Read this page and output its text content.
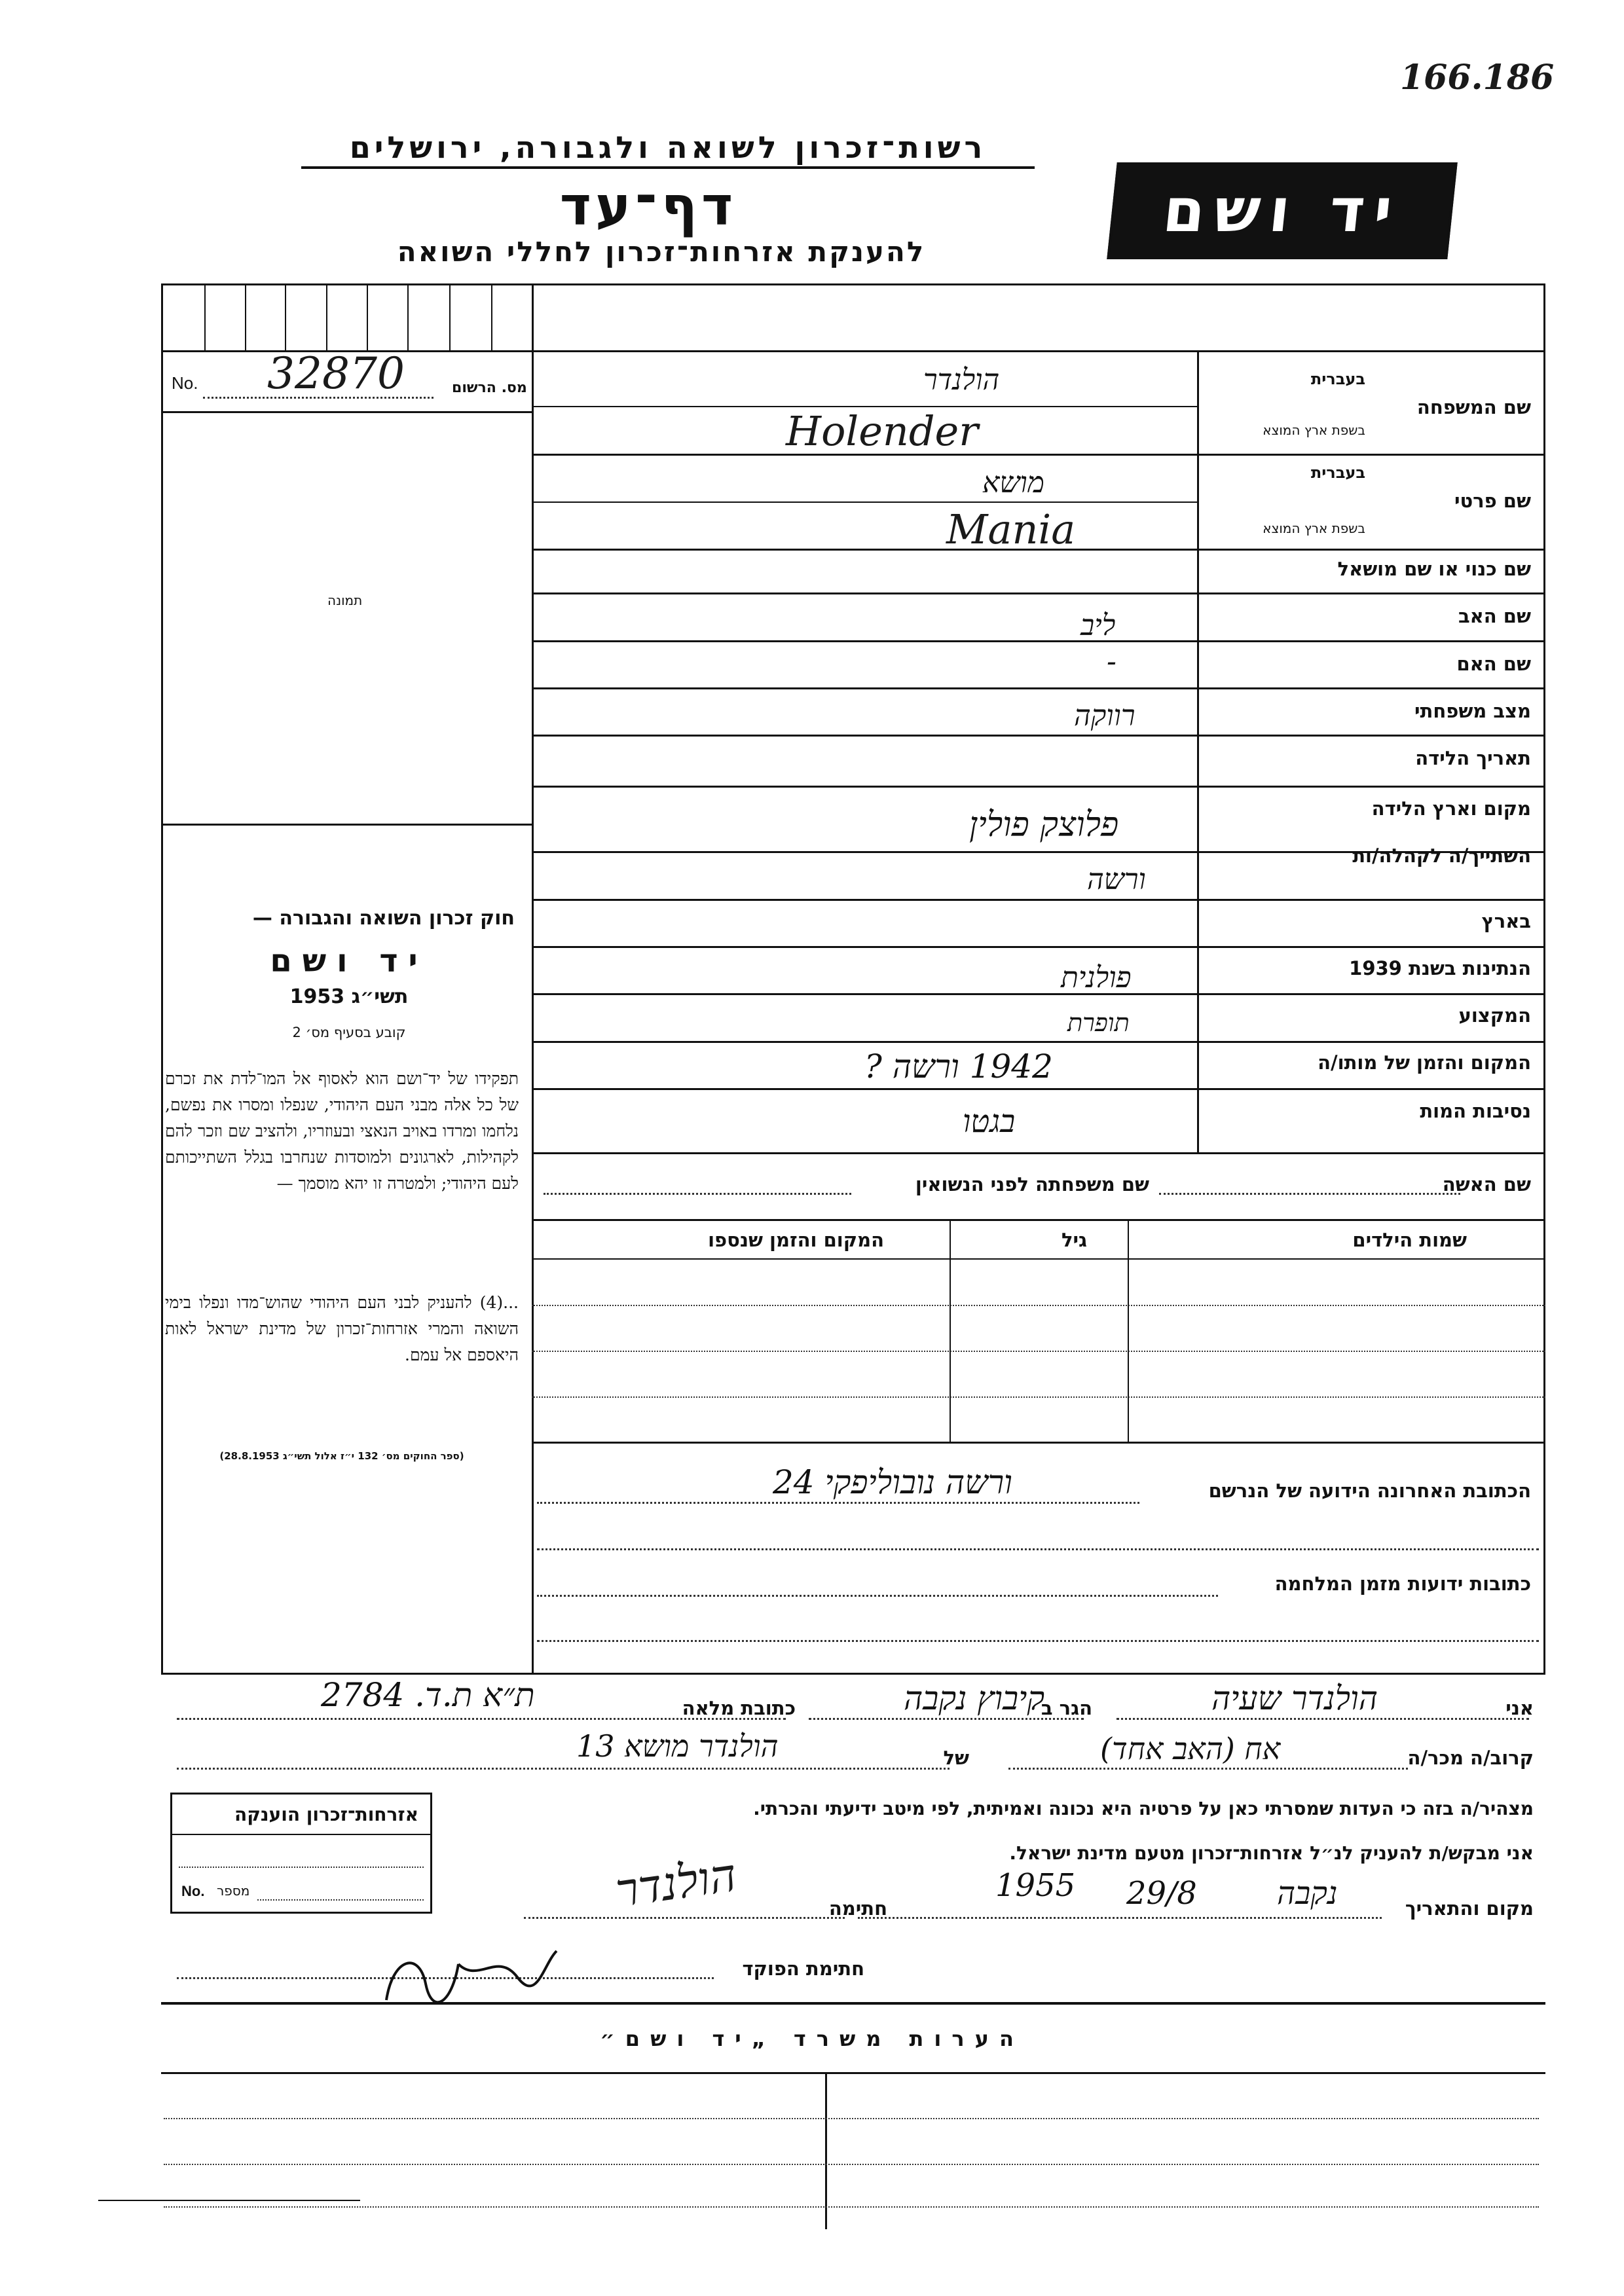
166.186
רשות־זכרון לשואה ולגבורה, ירושלים
דף־עד
להענקת אזרחות־זכרון לחללי השואה
יד ושם
No. 32870	מס. הרשום
תמונה
חוק זכרון השואה והגבורה —
יד ושם
תשי״ג 1953
קובע בסעיף מס׳ 2
תפקידו של יד־ושם הוא לאסוף אל המו־לדת את זכרם של כל אלה מבני העם היהודי, שנפלו ומסרו את נפשם, נלחמו ומרדו באויב הנאצי ובעוזריו, ולהציב שם וזכר להם לקהילות, לארגונים ולמוסדות שנחרבו בגלל השתייכותם לעם היהודי; ולמטרה זו יהא מוסמך —
...(4) להעניק לבני העם היהודי שהוש־מדו ונפלו בימי השואה והמרי אזרחות־זכרון של מדינת ישראל לאות היאספם אל עמם.
(ספר החוקים מס׳ 132 י״ז אלול תשי״ג 28.8.1953)
שם המשפחה
בעברית
בשפת ארץ המוצא
הולנדר
Holender
שם פרטי
בעברית
בשפת ארץ המוצא
מושא
Mania
שם כנוי או שם מושאל
שם האב
ליב
שם האם
-
מצב משפחתי
רווקה
תאריך הלידה
מקום וארץ הלידה
פלוצק פולין
השתייך/ה לקהלה/ות
ורשה
בארץ
הנתינות בשנת 1939
פולנית
המקצוע
תופרת
המקום והזמן של מותו/ה
1942 ורשה ?
נסיבות המות
בגטו
שם האשה
שם משפחתה לפני הנשואין
שמות הילדים
גיל
המקום והזמן שנספו
הכתובת האחרונה הידועה של הנרשם
ורשה נובוליפקי 24
כתובות ידועות מזמן המלחמה
אני
הולנדר שעיה
הגר ב
קיבוץ נקבה
כתובת מלאה
ת״א ת.ד. 2784
קרוב/ה מכר/ה
אח (האב אחד)
של
הולנדר מושא 13
מצהיר/ה בזה כי העדות שמסרתי כאן על פרטיה היא נכונה ואמיתית, לפי מיטב ידיעתי והכרתי.
אני מבקש/ת להעניק לנ״ל אזרחות־זכרון מטעם מדינת ישראל.
מקום והתאריך
נקבה
29/8
1955
חתימה
הולנדר
חתימת הפוקד
אזרחות־זכרון הוענקה
No. מספר
הערות משרד „יד ושם״
